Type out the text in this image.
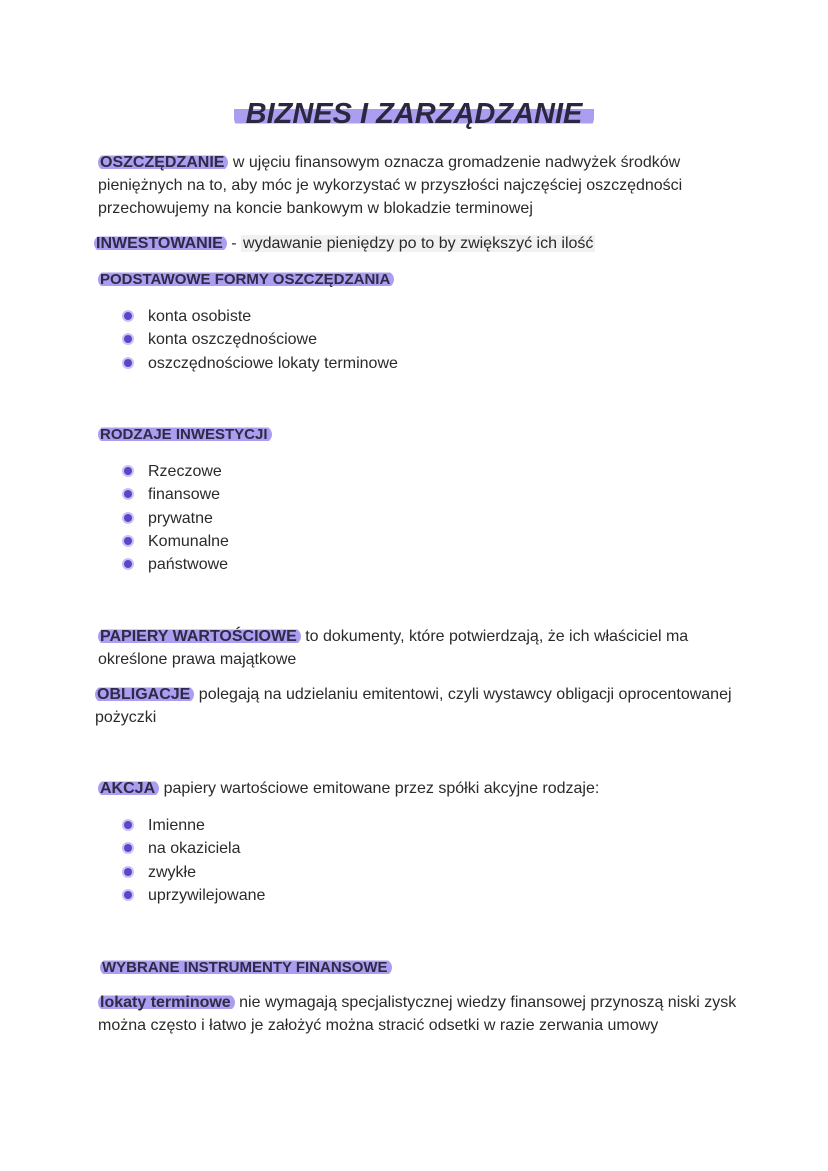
BIZNES I ZARZĄDZANIE
OSZCZĘDZANIE w ujęciu finansowym oznacza gromadzenie nadwyżek środków pieniężnych na to, aby móc je wykorzystać w przyszłości najczęściej oszczędności przechowujemy na koncie bankowym w blokadzie terminowej
INWESTOWANIE - wydawanie pieniędzy po to by zwiększyć ich ilość
PODSTAWOWE FORMY OSZCZĘDZANIA
konta osobiste
konta oszczędnościowe
oszczędnościowe lokaty terminowe
RODZAJE INWESTYCJI
Rzeczowe
finansowe
prywatne
Komunalne
państwowe
PAPIERY WARTOŚCIOWE to dokumenty, które potwierdzają, że ich właściciel ma określone prawa majątkowe
OBLIGACJE polegają na udzielaniu emitentowi, czyli wystawcy obligacji oprocentowanej pożyczki
AKCJA papiery wartościowe emitowane przez spółki akcyjne rodzaje:
Imienne
na okaziciela
zwykłe
uprzywilejowane
WYBRANE INSTRUMENTY FINANSOWE
lokaty terminowe nie wymagają specjalistycznej wiedzy finansowej przynoszą niski zysk można często i łatwo je założyć można stracić odsetki w razie zerwania umowy
